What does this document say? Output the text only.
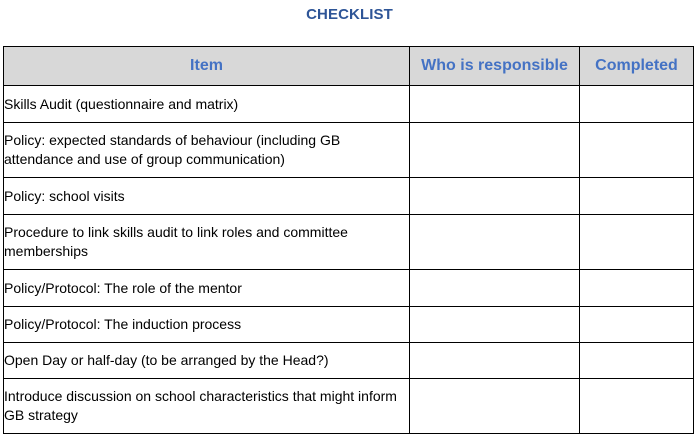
CHECKLIST
Item	Who is responsible	Completed

Skills Audit (questionnaire and matrix)		

Policy: expected standards of behaviour (including GB attendance and use of group communication)		

Policy: school visits		

Procedure to link skills audit to link roles and committee memberships		

Policy/Protocol: The role of the mentor		

Policy/Protocol: The induction process		

Open Day or half-day (to be arranged by the Head?)		

Introduce discussion on school characteristics that might inform GB strategy		
